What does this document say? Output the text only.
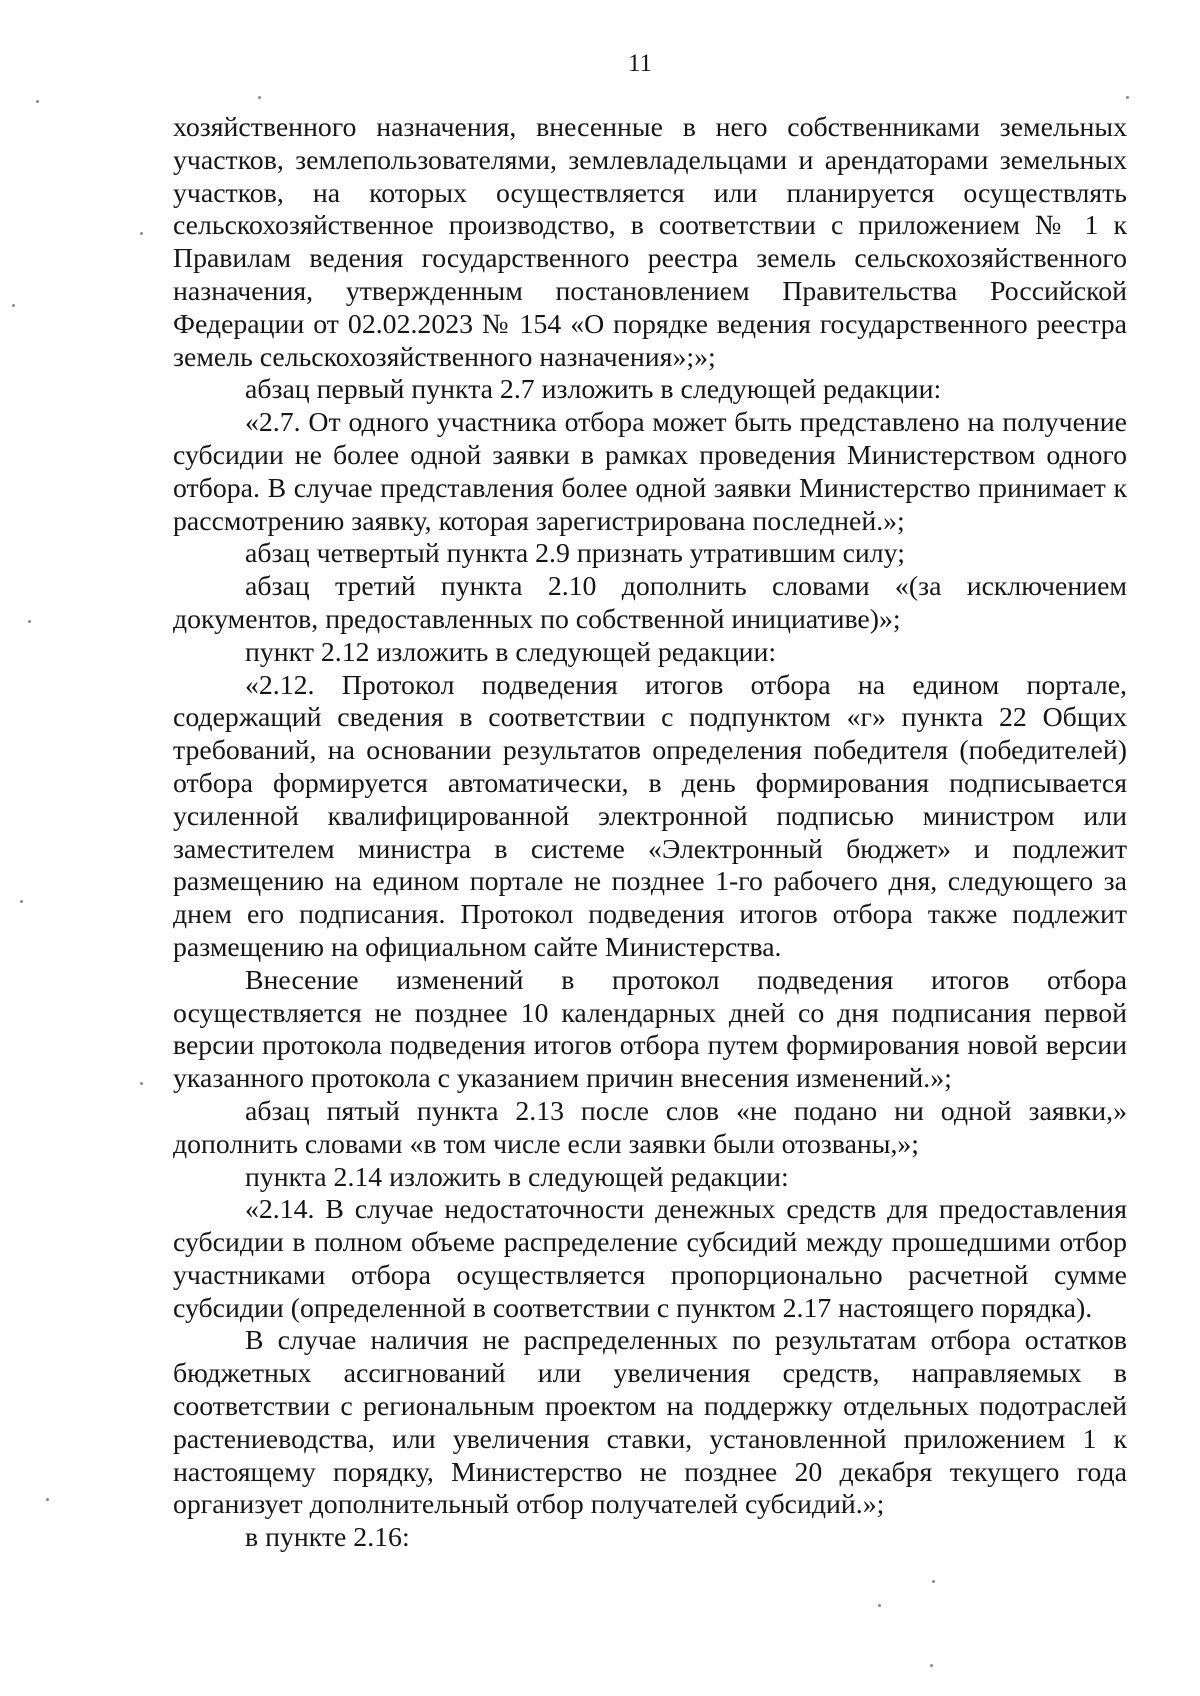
11

хозяйственного назначения, внесенные в него собственниками земельных участков, землепользователями, землевладельцами и арендаторами земельных участков, на которых осуществляется или планируется осуществлять сельскохозяйственное производство, в соответствии с приложением № 1 к Правилам ведения государственного реестра земель сельскохозяйственного назначения, утвержденным постановлением Правительства Российской Федерации от 02.02.2023 № 154 «О порядке ведения государственного реестра земель сельскохозяйственного назначения»;»;

абзац первый пункта 2.7 изложить в следующей редакции:

«2.7. От одного участника отбора может быть представлено на получение субсидии не более одной заявки в рамках проведения Министерством одного отбора. В случае представления более одной заявки Министерство принимает к рассмотрению заявку, которая зарегистрирована последней.»;

абзац четвертый пункта 2.9 признать утратившим силу;

абзац третий пункта 2.10 дополнить словами «(за исключением документов, предоставленных по собственной инициативе)»;

пункт 2.12 изложить в следующей редакции:

«2.12. Протокол подведения итогов отбора на едином портале, содержащий сведения в соответствии с подпунктом «г» пункта 22 Общих требований, на основании результатов определения победителя (победителей) отбора формируется автоматически, в день формирования подписывается усиленной квалифицированной электронной подписью министром или заместителем министра в системе «Электронный бюджет» и подлежит размещению на едином портале не позднее 1-го рабочего дня, следующего за днем его подписания. Протокол подведения итогов отбора также подлежит размещению на официальном сайте Министерства.

Внесение изменений в протокол подведения итогов отбора осуществляется не позднее 10 календарных дней со дня подписания первой версии протокола подведения итогов отбора путем формирования новой версии указанного протокола с указанием причин внесения изменений.»;

абзац пятый пункта 2.13 после слов «не подано ни одной заявки,» дополнить словами «в том числе если заявки были отозваны,»;

пункта 2.14 изложить в следующей редакции:

«2.14. В случае недостаточности денежных средств для предоставления субсидии в полном объеме распределение субсидий между прошедшими отбор участниками отбора осуществляется пропорционально расчетной сумме субсидии (определенной в соответствии с пунктом 2.17 настоящего порядка).

В случае наличия не распределенных по результатам отбора остатков бюджетных ассигнований или увеличения средств, направляемых в соответствии с региональным проектом на поддержку отдельных подотраслей растениеводства, или увеличения ставки, установленной приложением 1 к настоящему порядку, Министерство не позднее 20 декабря текущего года организует дополнительный отбор получателей субсидий.»;

в пункте 2.16:
